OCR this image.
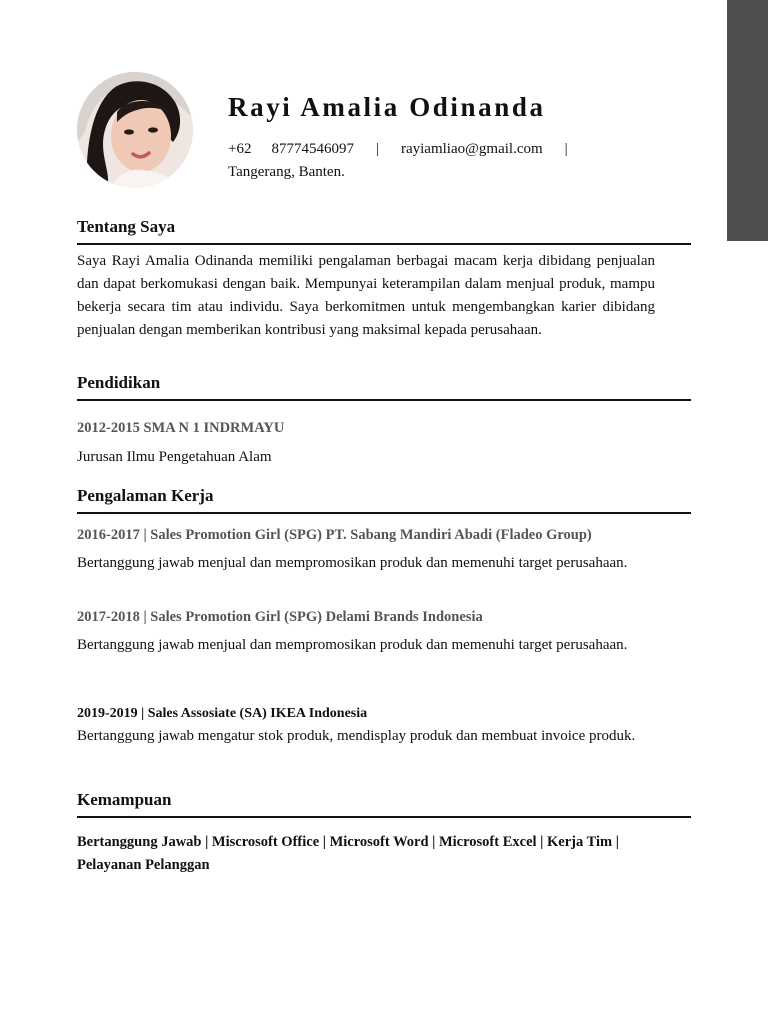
Rayi Amalia Odinanda
+62 87774546097 | rayiamliao@gmail.com |
Tangerang, Banten.
Tentang Saya

Saya Rayi Amalia Odinanda memiliki pengalaman berbagai macam kerja dibidang penjualan dan dapat berkomukasi dengan baik. Mempunyai keterampilan dalam menjual produk, mampu bekerja secara tim atau individu. Saya berkomitmen untuk mengembangkan karier dibidang penjualan dengan memberikan kontribusi yang maksimal kepada perusahaan.

Pendidikan

2012-2015 SMA N 1 INDRMAYU

Jurusan Ilmu Pengetahuan Alam

Pengalaman Kerja

2016-2017 | Sales Promotion Girl (SPG) PT. Sabang Mandiri Abadi (Fladeo Group)

Bertanggung jawab menjual dan mempromosikan produk dan memenuhi target perusahaan.

2017-2018 | Sales Promotion Girl (SPG) Delami Brands Indonesia

Bertanggung jawab menjual dan mempromosikan produk dan memenuhi target perusahaan.

2019-2019 | Sales Assosiate (SA) IKEA Indonesia

Bertanggung jawab mengatur stok produk, mendisplay produk dan membuat invoice produk.

Kemampuan

Bertanggung Jawab | Miscrosoft Office | Microsoft Word | Microsoft Excel | Kerja Tim | Pelayanan Pelanggan
